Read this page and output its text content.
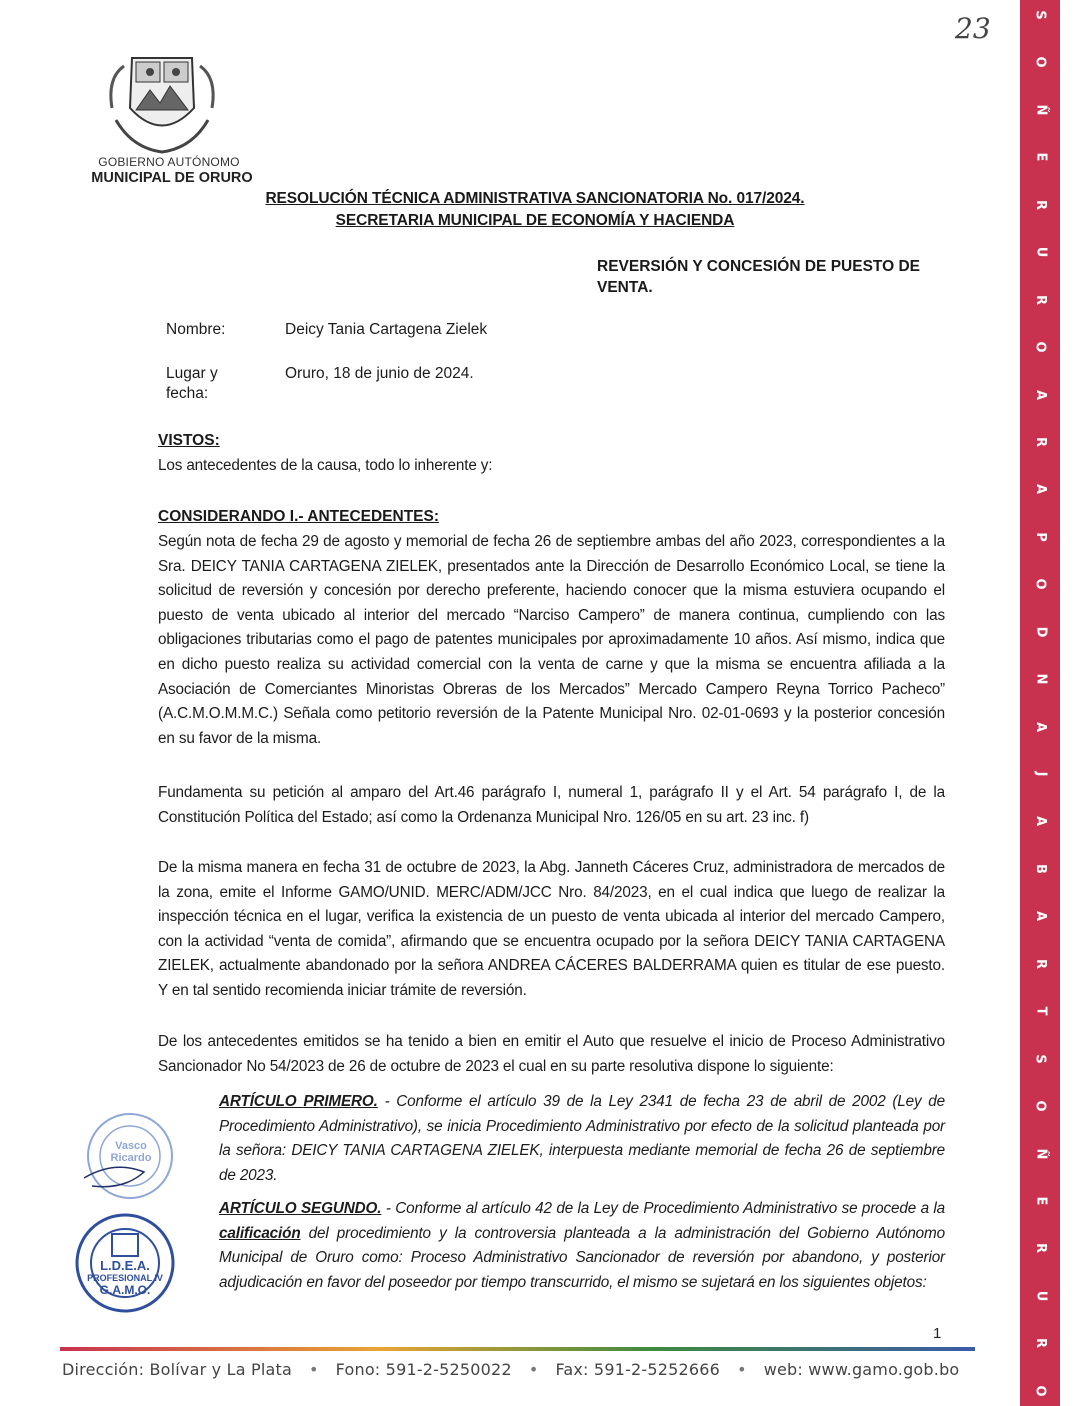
S
O
Ñ
E
R
U
R
O
A
R
A
P
O
D
N
A
J
A
B
A
R
T
S
O
Ñ
E
R
U
R
O
23
GOBIERNO AUTÓNOMO
MUNICIPAL DE ORURO
RESOLUCIÓN TÉCNICA ADMINISTRATIVA SANCIONATORIA No. 017/2024.
SECRETARIA MUNICIPAL DE ECONOMÍA Y HACIENDA
REVERSIÓN Y CONCESIÓN DE PUESTO DE VENTA.
Nombre:	Deicy Tania Cartagena Zielek
Lugar y fecha:
Oruro, 18 de junio de 2024.
VISTOS:

Los antecedentes de la causa, todo lo inherente y:

CONSIDERANDO I.- ANTECEDENTES:

Según nota de fecha 29 de agosto y memorial de fecha 26 de septiembre ambas del año 2023, correspondientes a la Sra. DEICY TANIA CARTAGENA ZIELEK, presentados ante la Dirección de Desarrollo Económico Local, se tiene la solicitud de reversión y concesión por derecho preferente, haciendo conocer que la misma estuviera ocupando el puesto de venta ubicado al interior del mercado “Narciso Campero” de manera continua, cumpliendo con las obligaciones tributarias como el pago de patentes municipales por aproximadamente 10 años. Así mismo, indica que en dicho puesto realiza su actividad comercial con la venta de carne y que la misma se encuentra afiliada a la Asociación de Comerciantes Minoristas Obreras de los Mercados” Mercado Campero Reyna Torrico Pacheco” (A.C.M.O.M.M.C.) Señala como petitorio reversión de la Patente Municipal Nro. 02-01-0693 y la posterior concesión en su favor de la misma.

Fundamenta su petición al amparo del Art.46 parágrafo I, numeral 1, parágrafo II y el Art. 54 parágrafo I, de la Constitución Política del Estado; así como la Ordenanza Municipal Nro. 126/05 en su art. 23 inc. f)

De la misma manera en fecha 31 de octubre de 2023, la Abg. Janneth Cáceres Cruz, administradora de mercados de la zona, emite el Informe GAMO/UNID. MERC/ADM/JCC Nro. 84/2023, en el cual indica que luego de realizar la inspección técnica en el lugar, verifica la existencia de un puesto de venta ubicada al interior del mercado Campero, con la actividad “venta de comida”, afirmando que se encuentra ocupado por la señora DEICY TANIA CARTAGENA ZIELEK, actualmente abandonado por la señora ANDREA CÁCERES BALDERRAMA quien es titular de ese puesto. Y en tal sentido recomienda iniciar trámite de reversión.

De los antecedentes emitidos se ha tenido a bien en emitir el Auto que resuelve el inicio de Proceso Administrativo Sancionador No 54/2023 de 26 de octubre de 2023 el cual en su parte resolutiva dispone lo siguiente:

ARTÍCULO PRIMERO. - Conforme el artículo 39 de la Ley 2341 de fecha 23 de abril de 2002 (Ley de Procedimiento Administrativo), se inicia Procedimiento Administrativo por efecto de la solicitud planteada por la señora: DEICY TANIA CARTAGENA ZIELEK, interpuesta mediante memorial de fecha 26 de septiembre de 2023.

ARTÍCULO SEGUNDO. - Conforme al artículo 42 de la Ley de Procedimiento Administrativo se procede a la calificación del procedimiento y la controversia planteada a la administración del Gobierno Autónomo Municipal de Oruro como: Proceso Administrativo Sancionador de reversión por abandono, y posterior adjudicación en favor del poseedor por tiempo transcurrido, el mismo se sujetará en los siguientes objetos:

Vasco Ricardo
L.D.E.A.
PROFESIONAL IV
G.A.M.O.
1
Dirección: Bolívar y La Plata • Fono: 591-2-5250022 • Fax: 591-2-5252666 • web: www.gamo.gob.bo
